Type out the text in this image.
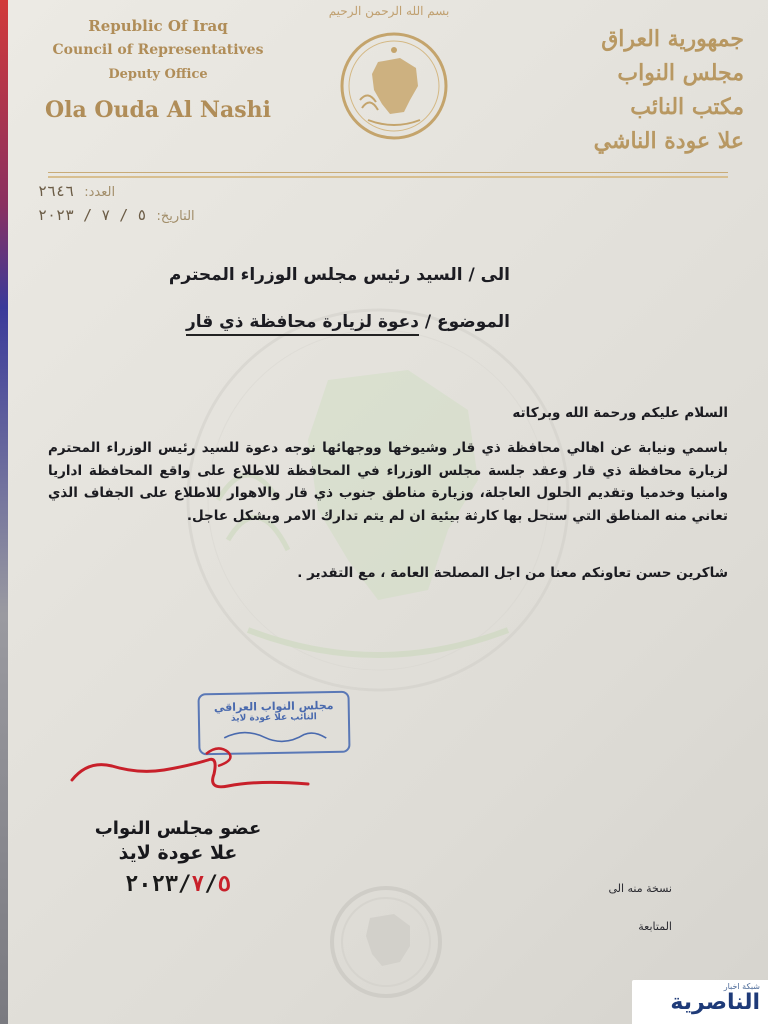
بسم الله الرحمن الرحيم
Republic Of Iraq
Council of Representatives
Deputy Office
Ola Ouda Al Nashi
جمهورية العراق
مجلس النواب
مكتب النائب
علا عودة الناشي
العدد: ٢٦٤٦
التاريخ: ٥ / ٧ / ٢٠٢٣
الى / السيد رئيس مجلس الوزراء المحترم
الموضوع / دعوة لزيارة محافظة ذي قار
السلام عليكم ورحمة الله وبركاته
باسمي ونيابة عن اهالي محافظة ذي قار وشيوخها ووجهائها نوجه دعوة للسيد رئيس الوزراء المحترم لزيارة محافظة ذي قار وعقد جلسة مجلس الوزراء في المحافظة للاطلاع على واقع المحافظة اداريا وامنيا وخدميا وتقديم الحلول العاجلة، وزيارة مناطق جنوب ذي قار والاهوار للاطلاع على الجفاف الذي تعاني منه المناطق التي ستحل بها كارثة بيئية ان لم يتم تدارك الامر وبشكل عاجل.
شاكرين حسن تعاونكم معنا من اجل المصلحة العامة ، مع التقدير .
مجلس النواب العراقي
النائب علا عودة لايذ
عضو مجلس النواب
علا عودة لايذ
٢٠٢٣/٧/٥	نسخة منه الى
المتابعة
شبكة اخبار
الناصرية
